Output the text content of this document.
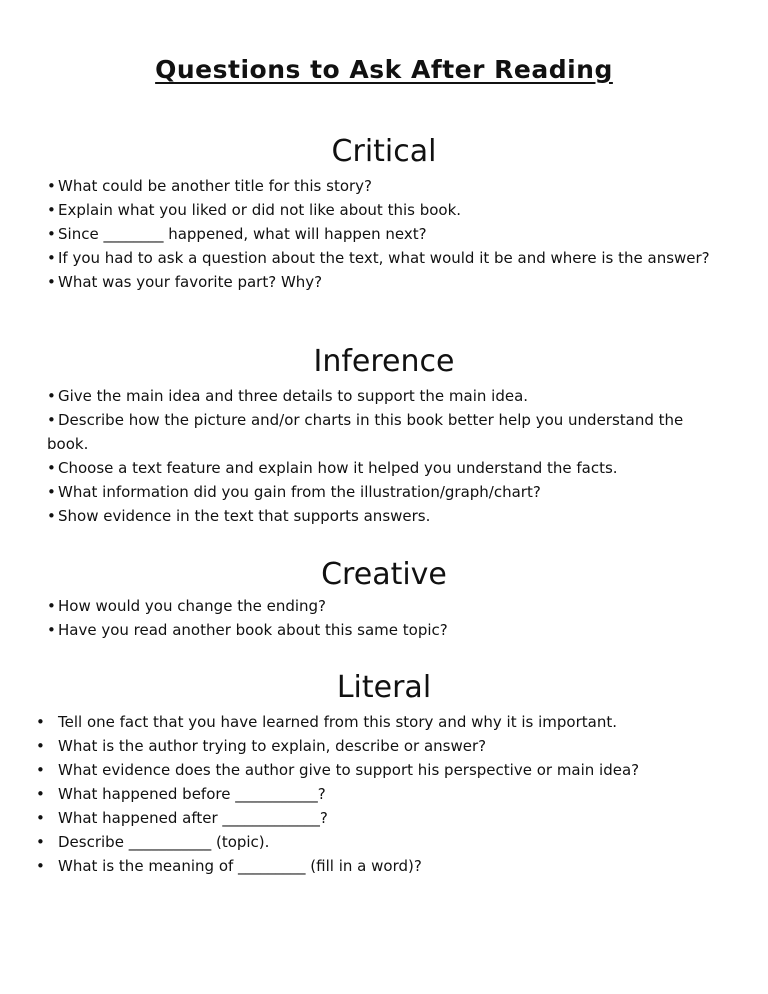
Questions to Ask After Reading
Critical
• What could be another title for this story?
• Explain what you liked or did not like about this book.
• Since ________ happened, what will happen next?
• If you had to ask a question about the text, what would it be and where is the answer?
• What was your favorite part? Why?
Inference
• Give the main idea and three details to support the main idea.
• Describe how the picture and/or charts in this book better help you understand the book.
• Choose a text feature and explain how it helped you understand the facts.
• What information did you gain from the illustration/graph/chart?
• Show evidence in the text that supports answers.
Creative
• How would you change the ending?
• Have you read another book about this same topic?
Literal
• Tell one fact that you have learned from this story and why it is important.
• What is the author trying to explain, describe or answer?
• What evidence does the author give to support his perspective or main idea?
• What happened before ___________?
• What happened after _____________?
• Describe ___________ (topic).
• What is the meaning of _________ (fill in a word)?
